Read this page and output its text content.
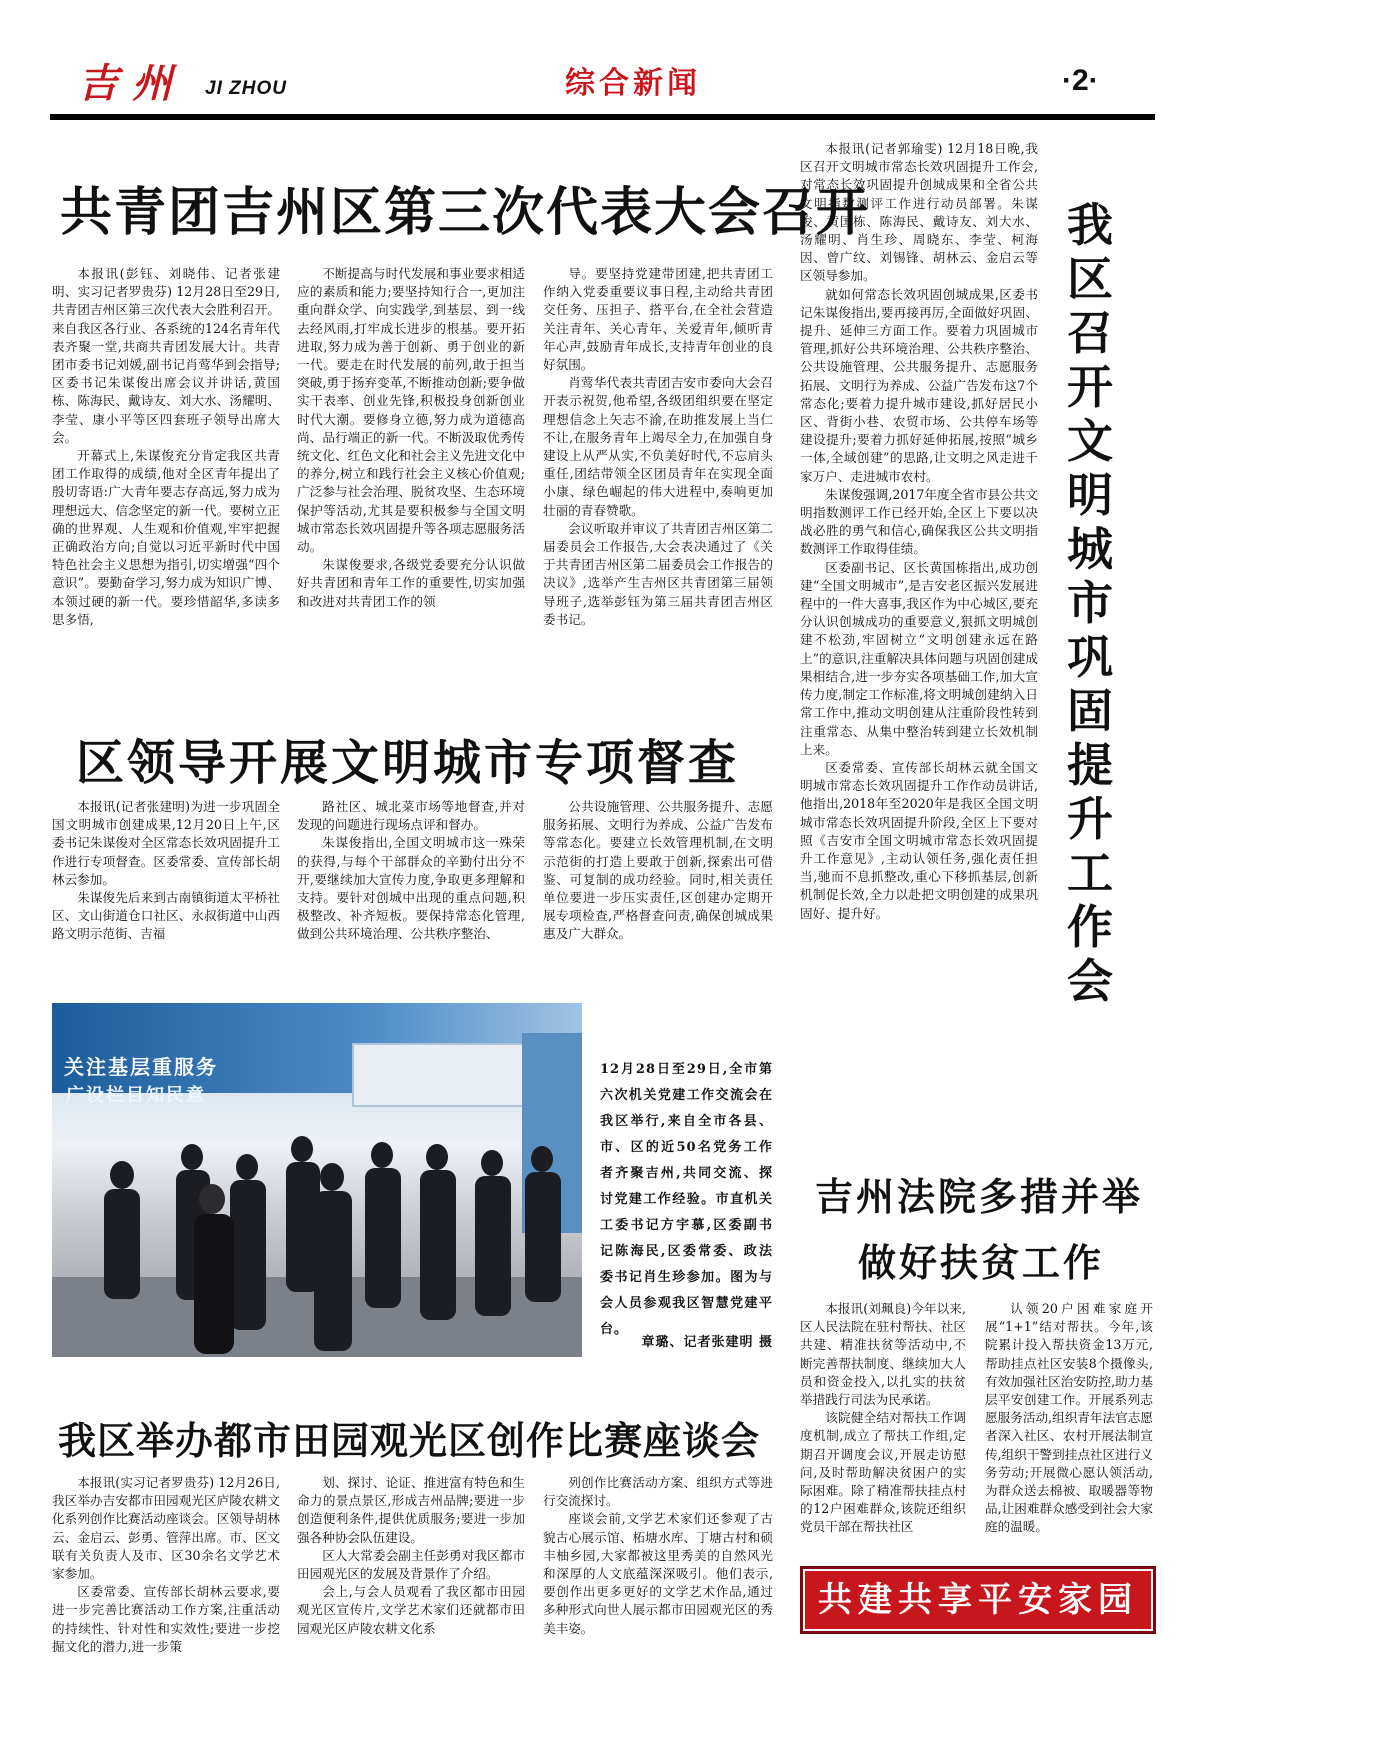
吉州 JI ZHOU	综合新闻	·2·
共青团吉州区第三次代表大会召开

本报讯(彭钰、刘晓伟、记者张建明、实习记者罗贵芬) 12月28日至29日,共青团吉州区第三次代表大会胜利召开。来自我区各行业、各系统的124名青年代表齐聚一堂,共商共青团发展大计。共青团市委书记刘媛,副书记肖莺华到会指导;区委书记朱谋俊出席会议并讲话,黄国栋、陈海民、戴诗友、刘大水、汤耀明、李莹、康小平等区四套班子领导出席大会。

开幕式上,朱谋俊充分肯定我区共青团工作取得的成绩,他对全区青年提出了殷切寄语:广大青年要志存高远,努力成为理想远大、信念坚定的新一代。要树立正确的世界观、人生观和价值观,牢牢把握正确政治方向;自觉以习近平新时代中国特色社会主义思想为指引,切实增强“四个意识”。要勤奋学习,努力成为知识广博、本领过硬的新一代。要珍惜韶华,多读多思多悟,

不断提高与时代发展和事业要求相适应的素质和能力;要坚持知行合一,更加注重向群众学、向实践学,到基层、到一线去经风雨,打牢成长进步的根基。要开拓进取,努力成为善于创新、勇于创业的新一代。要走在时代发展的前列,敢于担当突破,勇于扬弃变革,不断推动创新;要争做实干表率、创业先锋,积极投身创新创业时代大潮。要修身立德,努力成为道德高尚、品行端正的新一代。不断汲取优秀传统文化、红色文化和社会主义先进文化中的养分,树立和践行社会主义核心价值观;广泛参与社会治理、脱贫攻坚、生态环境保护等活动,尤其是要积极参与全国文明城市常态长效巩固提升等各项志愿服务活动。

朱谋俊要求,各级党委要充分认识做好共青团和青年工作的重要性,切实加强和改进对共青团工作的领

导。要坚持党建带团建,把共青团工作纳入党委重要议事日程,主动给共青团交任务、压担子、搭平台,在全社会营造关注青年、关心青年、关爱青年,倾听青年心声,鼓励青年成长,支持青年创业的良好氛围。

肖莺华代表共青团吉安市委向大会召开表示祝贺,他希望,各级团组织要在坚定理想信念上矢志不渝,在助推发展上当仁不让,在服务青年上竭尽全力,在加强自身建设上从严从实,不负美好时代,不忘肩头重任,团结带领全区团员青年在实现全面小康、绿色崛起的伟大进程中,奏响更加壮丽的青春赞歌。

会议听取并审议了共青团吉州区第二届委员会工作报告,大会表决通过了《关于共青团吉州区第二届委员会工作报告的决议》,选举产生吉州区共青团第三届领导班子,选举彭钰为第三届共青团吉州区委书记。

区领导开展文明城市专项督查

本报讯(记者张建明)为进一步巩固全国文明城市创建成果,12月20日上午,区委书记朱谋俊对全区常态长效巩固提升工作进行专项督查。区委常委、宣传部长胡林云参加。

朱谋俊先后来到古南镇街道太平桥社区、文山街道仓口社区、永叔街道中山西路文明示范街、吉福

路社区、城北菜市场等地督查,并对发现的问题进行现场点评和督办。

朱谋俊指出,全国文明城市这一殊荣的获得,与每个干部群众的辛勤付出分不开,要继续加大宣传力度,争取更多理解和支持。要针对创城中出现的重点问题,积极整改、补齐短板。要保持常态化管理,做到公共环境治理、公共秩序整治、

公共设施管理、公共服务提升、志愿服务拓展、文明行为养成、公益广告发布等常态化。要建立长效管理机制,在文明示范街的打造上要敢于创新,探索出可借鉴、可复制的成功经验。同时,相关责任单位要进一步压实责任,区创建办定期开展专项检查,严格督查问责,确保创城成果惠及广大群众。

关注基层重服务
广设栏目知民意
12月28日至29日,全市第六次机关党建工作交流会在我区举行,来自全市各县、市、区的近50名党务工作者齐聚吉州,共同交流、探讨党建工作经验。市直机关工委书记方宇慕,区委副书记陈海民,区委常委、政法委书记肖生珍参加。图为与会人员参观我区智慧党建平台。
章璐、记者张建明 摄
我区举办都市田园观光区创作比赛座谈会

本报讯(实习记者罗贵芬) 12月26日,我区举办吉安都市田园观光区庐陵农耕文化系列创作比赛活动座谈会。区领导胡林云、金启云、彭勇、管萍出席。市、区文联有关负责人及市、区30余名文学艺术家参加。

区委常委、宣传部长胡林云要求,要进一步完善比赛活动工作方案,注重活动的持续性、针对性和实效性;要进一步挖掘文化的潜力,进一步策

划、探讨、论证、推进富有特色和生命力的景点景区,形成吉州品牌;要进一步创造便利条件,提供优质服务;要进一步加强各种协会队伍建设。

区人大常委会副主任彭勇对我区都市田园观光区的发展及背景作了介绍。

会上,与会人员观看了我区都市田园观光区宣传片,文学艺术家们还就都市田园观光区庐陵农耕文化系

列创作比赛活动方案、组织方式等进行交流探讨。

座谈会前,文学艺术家们还参观了古貌古心展示馆、柘塘水库、丁塘古村和硕丰柚乡园,大家都被这里秀美的自然风光和深厚的人文底蕴深深吸引。他们表示,要创作出更多更好的文学艺术作品,通过多种形式向世人展示都市田园观光区的秀美丰姿。

我
区
召
开
文
明
城
市
巩
固
提
升
工
作
会

本报讯(记者郭瑜雯) 12月18日晚,我区召开文明城市常态长效巩固提升工作会,对常态长效巩固提升创城成果和全省公共文明指数测评工作进行动员部署。朱谋俊、黄国栋、陈海民、戴诗友、刘大水、汤耀明、肖生珍、周晓东、李莹、柯海因、曾广纹、刘锡锋、胡林云、金启云等区领导参加。

就如何常态长效巩固创城成果,区委书记朱谋俊指出,要再接再厉,全面做好巩固、提升、延伸三方面工作。要着力巩固城市管理,抓好公共环境治理、公共秩序整治、公共设施管理、公共服务提升、志愿服务拓展、文明行为养成、公益广告发布这7个常态化;要着力提升城市建设,抓好居民小区、背街小巷、农贸市场、公共停车场等建设提升;要着力抓好延伸拓展,按照“城乡一体,全域创建”的思路,让文明之风走进千家万户、走进城市农村。

朱谋俊强调,2017年度全省市县公共文明指数测评工作已经开始,全区上下要以决战必胜的勇气和信心,确保我区公共文明指数测评工作取得佳绩。

区委副书记、区长黄国栋指出,成功创建“全国文明城市”,是吉安老区振兴发展进程中的一件大喜事,我区作为中心城区,要充分认识创城成功的重要意义,狠抓文明城创建不松劲,牢固树立“文明创建永远在路上”的意识,注重解决具体问题与巩固创建成果相结合,进一步夯实各项基础工作,加大宣传力度,制定工作标准,将文明城创建纳入日常工作中,推动文明创建从注重阶段性转到注重常态、从集中整治转到建立长效机制上来。

区委常委、宣传部长胡林云就全国文明城市常态长效巩固提升工作作动员讲话,他指出,2018年至2020年是我区全国文明城市常态长效巩固提升阶段,全区上下要对照《吉安市全国文明城市常态长效巩固提升工作意见》,主动认领任务,强化责任担当,驰而不息抓整改,重心下移抓基层,创新机制促长效,全力以赴把文明创建的成果巩固好、提升好。

吉州法院多措并举
做好扶贫工作

本报讯(刘珮良)今年以来,区人民法院在驻村帮扶、社区共建、精准扶贫等活动中,不断完善帮扶制度、继续加大人员和资金投入,以扎实的扶贫举措践行司法为民承诺。

该院健全结对帮扶工作调度机制,成立了帮扶工作组,定期召开调度会议,开展走访慰问,及时帮助解决贫困户的实际困难。除了精准帮扶挂点村的12户困难群众,该院还组织党员干部在帮扶社区

认领20户困难家庭开展“1+1”结对帮扶。今年,该院累计投入帮扶资金13万元,帮助挂点社区安装8个摄像头,有效加强社区治安防控,助力基层平安创建工作。开展系列志愿服务活动,组织青年法官志愿者深入社区、农村开展法制宣传,组织干警到挂点社区进行义务劳动;开展微心愿认领活动,为群众送去棉被、取暖器等物品,让困难群众感受到社会大家庭的温暖。

共建共享平安家园
